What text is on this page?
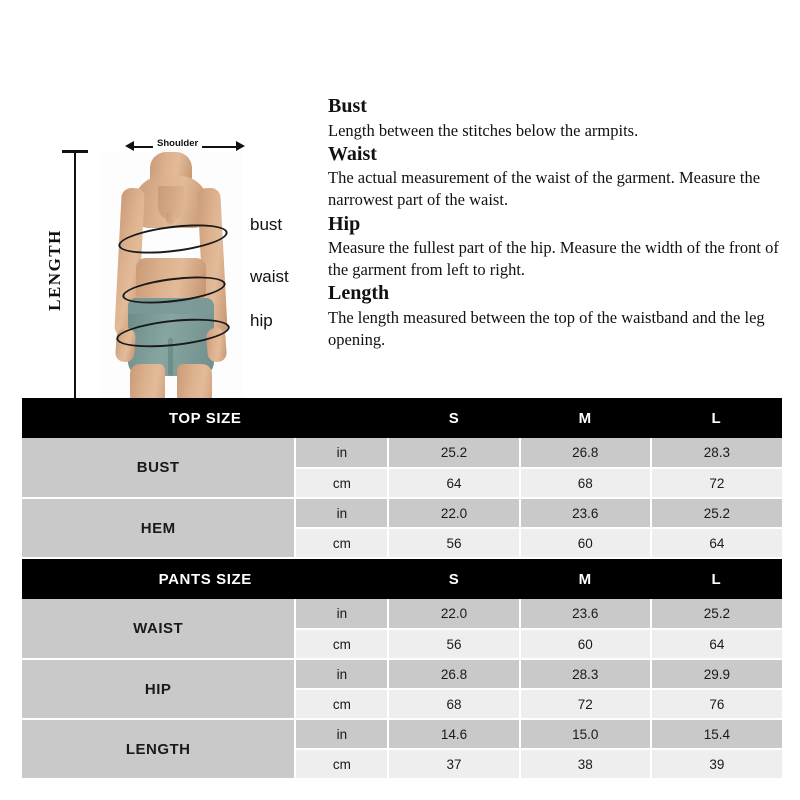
LENGTH
Shoulder
bust
waist
hip
Bust

Length between the stitches below the armpits.

Waist

The actual measurement of the waist of the garment. Measure the narrowest part of the waist.

Hip

Measure the fullest part of the hip. Measure the width of the front of the garment from left to right.

Length

The length measured between the top of the waistband and the leg opening.

TOP SIZE		S	M	L
BUST	in	25.2	26.8	28.3
	cm	64	68	72
HEM	in	22.0	23.6	25.2
	cm	56	60	64
PANTS SIZE		S	M	L
WAIST	in	22.0	23.6	25.2
	cm	56	60	64
HIP	in	26.8	28.3	29.9
	cm	68	72	76
LENGTH	in	14.6	15.0	15.4
	cm	37	38	39
